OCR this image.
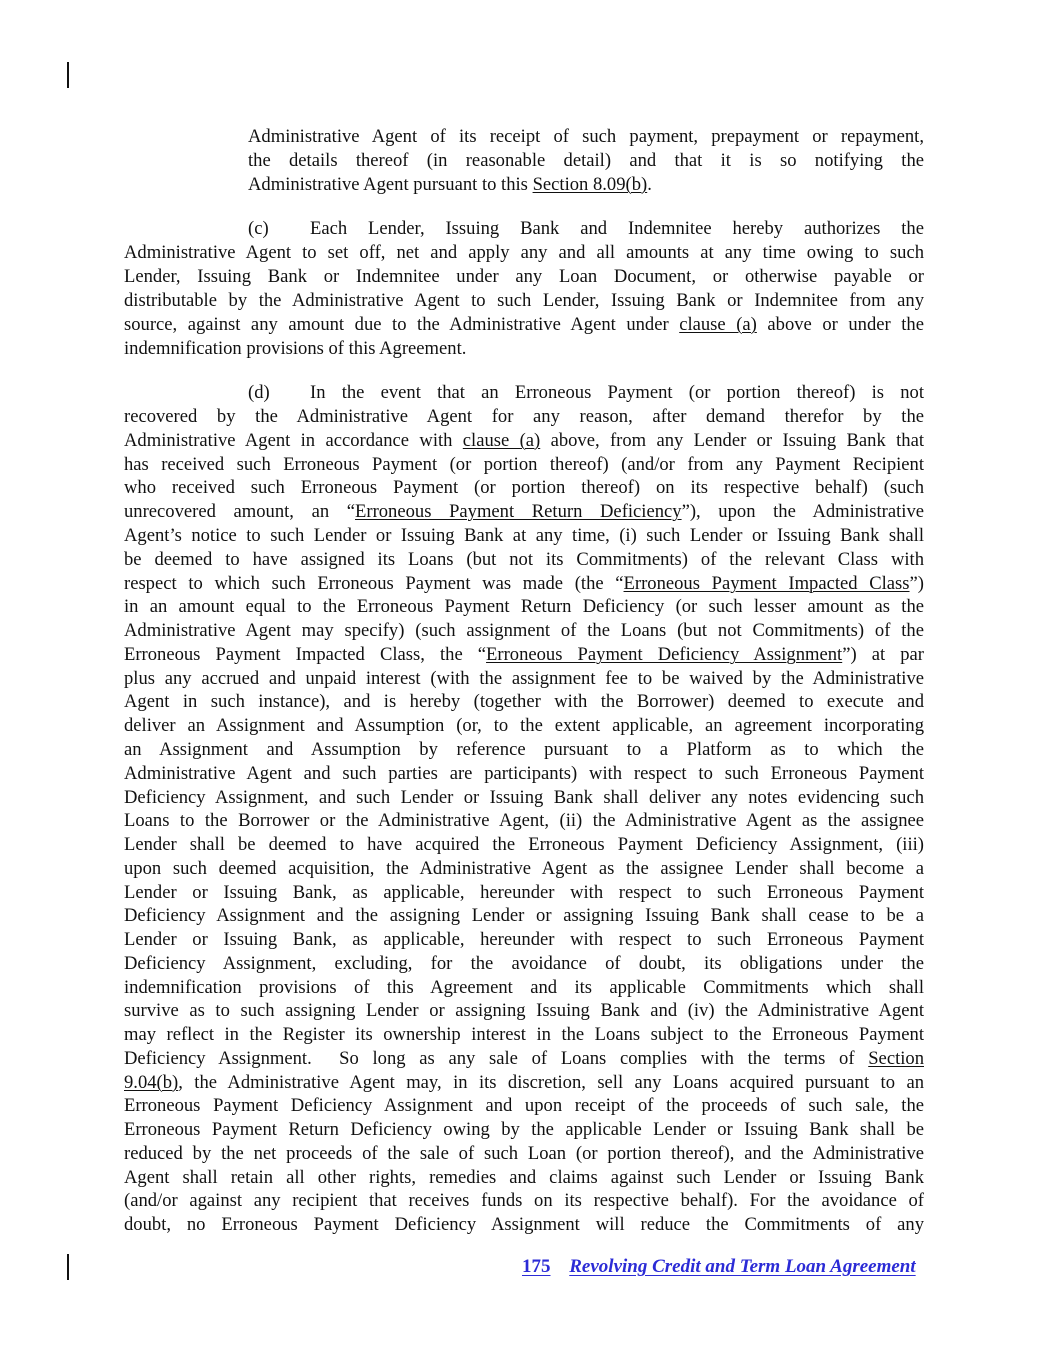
Administrative Agent of its receipt of such payment, prepayment or repayment,
the details thereof (in reasonable detail) and that it is so notifying the
Administrative Agent pursuant to this Section 8.09(b).
(c) Each Lender, Issuing Bank and Indemnitee hereby authorizes the
Administrative Agent to set off, net and apply any and all amounts at any time owing to such
Lender, Issuing Bank or Indemnitee under any Loan Document, or otherwise payable or
distributable by the Administrative Agent to such Lender, Issuing Bank or Indemnitee from any
source, against any amount due to the Administrative Agent under clause (a) above or under the
indemnification provisions of this Agreement.
(d) In the event that an Erroneous Payment (or portion thereof) is not
recovered by the Administrative Agent for any reason, after demand therefor by the
Administrative Agent in accordance with clause (a) above, from any Lender or Issuing Bank that
has received such Erroneous Payment (or portion thereof) (and/or from any Payment Recipient
who received such Erroneous Payment (or portion thereof) on its respective behalf) (such
unrecovered amount, an “Erroneous Payment Return Deficiency”), upon the Administrative
Agent’s notice to such Lender or Issuing Bank at any time, (i) such Lender or Issuing Bank shall
be deemed to have assigned its Loans (but not its Commitments) of the relevant Class with
respect to which such Erroneous Payment was made (the “Erroneous Payment Impacted Class”)
in an amount equal to the Erroneous Payment Return Deficiency (or such lesser amount as the
Administrative Agent may specify) (such assignment of the Loans (but not Commitments) of the
Erroneous Payment Impacted Class, the “Erroneous Payment Deficiency Assignment”) at par
plus any accrued and unpaid interest (with the assignment fee to be waived by the Administrative
Agent in such instance), and is hereby (together with the Borrower) deemed to execute and
deliver an Assignment and Assumption (or, to the extent applicable, an agreement incorporating
an Assignment and Assumption by reference pursuant to a Platform as to which the
Administrative Agent and such parties are participants) with respect to such Erroneous Payment
Deficiency Assignment, and such Lender or Issuing Bank shall deliver any notes evidencing such
Loans to the Borrower or the Administrative Agent, (ii) the Administrative Agent as the assignee
Lender shall be deemed to have acquired the Erroneous Payment Deficiency Assignment, (iii)
upon such deemed acquisition, the Administrative Agent as the assignee Lender shall become a
Lender or Issuing Bank, as applicable, hereunder with respect to such Erroneous Payment
Deficiency Assignment and the assigning Lender or assigning Issuing Bank shall cease to be a
Lender or Issuing Bank, as applicable, hereunder with respect to such Erroneous Payment
Deficiency Assignment, excluding, for the avoidance of doubt, its obligations under the
indemnification provisions of this Agreement and its applicable Commitments which shall
survive as to such assigning Lender or assigning Issuing Bank and (iv) the Administrative Agent
may reflect in the Register its ownership interest in the Loans subject to the Erroneous Payment
Deficiency Assignment.  So long as any sale of Loans complies with the terms of Section
9.04(b), the Administrative Agent may, in its discretion, sell any Loans acquired pursuant to an
Erroneous Payment Deficiency Assignment and upon receipt of the proceeds of such sale, the
Erroneous Payment Return Deficiency owing by the applicable Lender or Issuing Bank shall be
reduced by the net proceeds of the sale of such Loan (or portion thereof), and the Administrative
Agent shall retain all other rights, remedies and claims against such Lender or Issuing Bank
(and/or against any recipient that receives funds on its respective behalf). For the avoidance of
doubt, no Erroneous Payment Deficiency Assignment will reduce the Commitments of any
175 Revolving Credit and Term Loan Agreement
